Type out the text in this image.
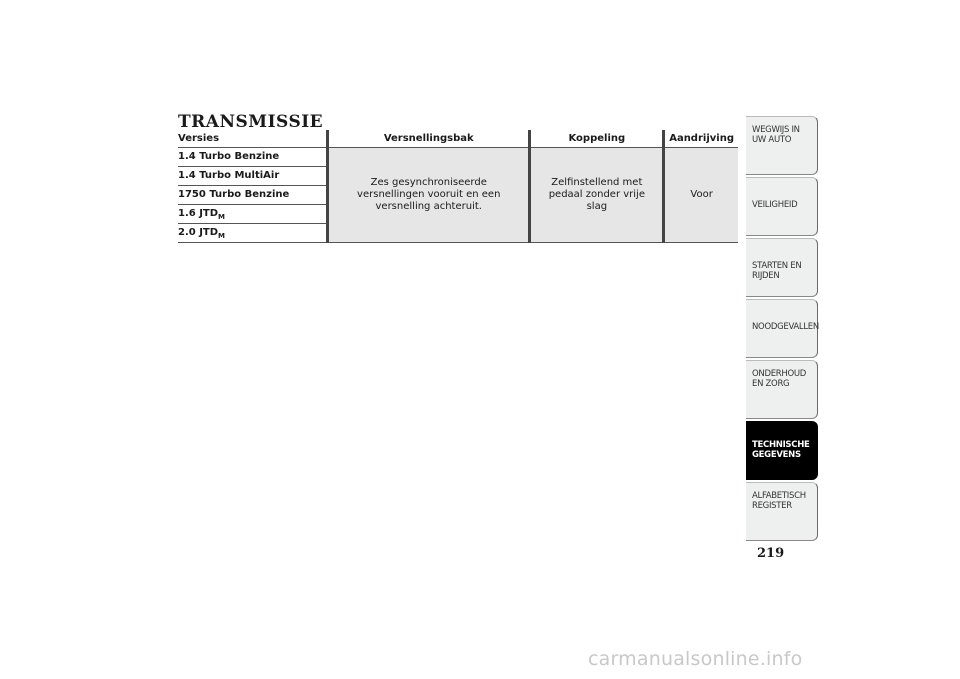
TRANSMISSIE
Versies	Versnellingsbak	Koppeling	Aandrijving
1.4 Turbo Benzine	Zes gesynchroniseerde versnellingen vooruit en een versnelling achteruit.	Zelfinstellend met pedaal zonder vrije slag	Voor
1.4 Turbo MultiAir			
1750 Turbo Benzine			
1.6 $JTD_M$
2.0 $JTD_M$
WEGWIJS IN UW AUTO
VEILIGHEID
STARTEN EN RIJDEN
NOODGEVALLEN
ONDERHOUD EN ZORG
TECHNISCHE GEGEVENS
ALFABETISCH REGISTER
219
carmanualsonline.info
